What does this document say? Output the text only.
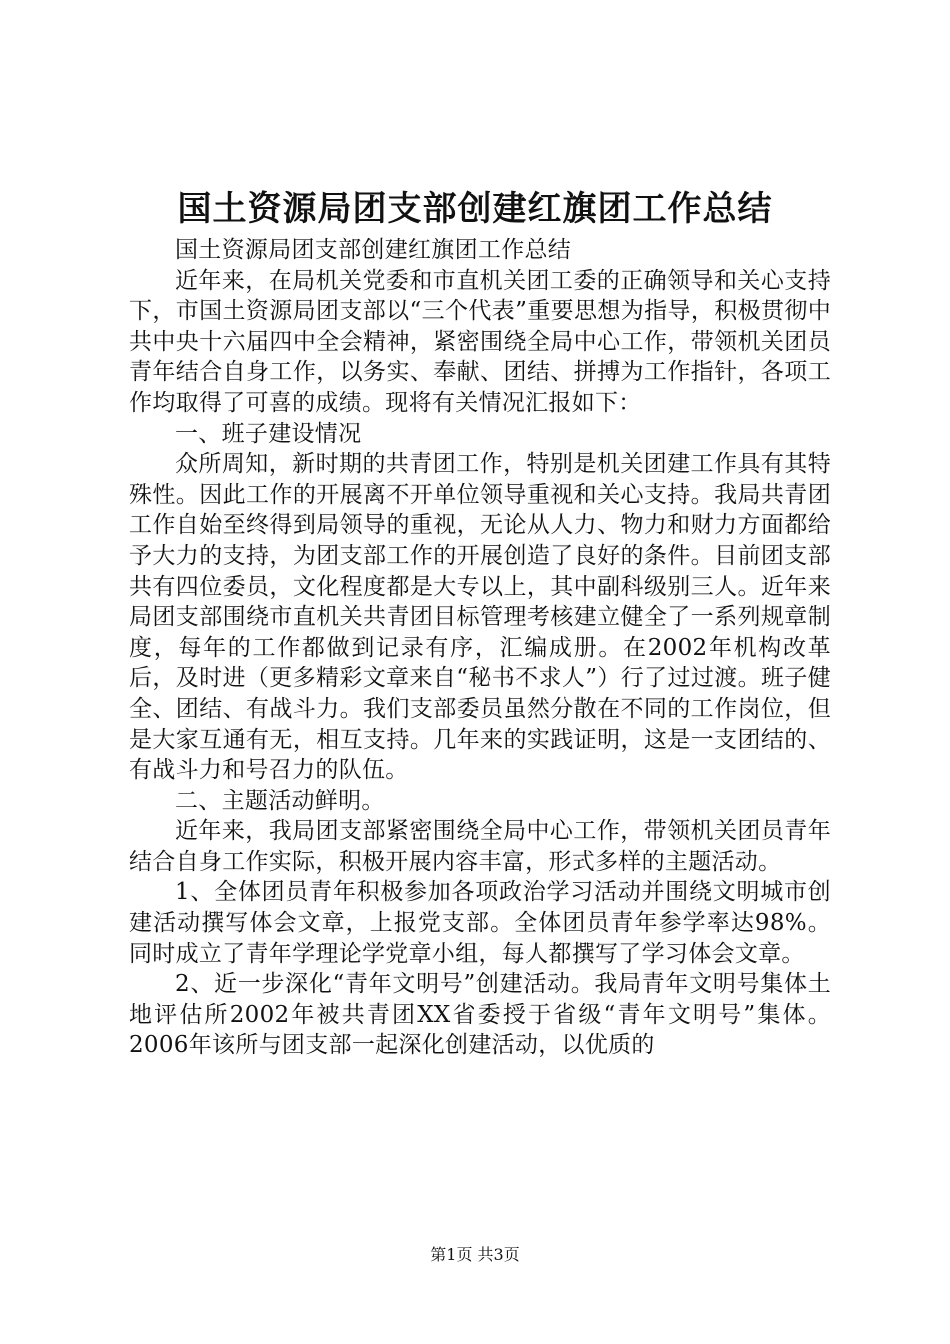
国土资源局团支部创建红旗团工作总结

国土资源局团支部创建红旗团工作总结

近年来，在局机关党委和市直机关团工委的正确领导和关心支持下，市国土资源局团支部以“三个代表”重要思想为指导，积极贯彻中共中央十六届四中全会精神，紧密围绕全局中心工作，带领机关团员青年结合自身工作，以务实、奉献、团结、拼搏为工作指针，各项工作均取得了可喜的成绩。现将有关情况汇报如下：

一、班子建设情况

众所周知，新时期的共青团工作，特别是机关团建工作具有其特殊性。因此工作的开展离不开单位领导重视和关心支持。我局共青团工作自始至终得到局领导的重视，无论从人力、物力和财力方面都给予大力的支持，为团支部工作的开展创造了良好的条件。目前团支部共有四位委员，文化程度都是大专以上，其中副科级别三人。近年来局团支部围绕市直机关共青团目标管理考核建立健全了一系列规章制度，每年的工作都做到记录有序，汇编成册。在2002年机构改革后，及时进（更多精彩文章来自“秘书不求人”）行了过过渡。班子健全、团结、有战斗力。我们支部委员虽然分散在不同的工作岗位，但是大家互通有无，相互支持。几年来的实践证明，这是一支团结的、有战斗力和号召力的队伍。

二、主题活动鲜明。

近年来，我局团支部紧密围绕全局中心工作，带领机关团员青年结合自身工作实际，积极开展内容丰富，形式多样的主题活动。

1、全体团员青年积极参加各项政治学习活动并围绕文明城市创建活动撰写体会文章，上报党支部。全体团员青年参学率达98%。同时成立了青年学理论学党章小组，每人都撰写了学习体会文章。

2、近一步深化“青年文明号”创建活动。我局青年文明号集体土地评估所2002年被共青团XX省委授于省级“青年文明号”集体。2006年该所与团支部一起深化创建活动，以优质的

第1页 共3页
